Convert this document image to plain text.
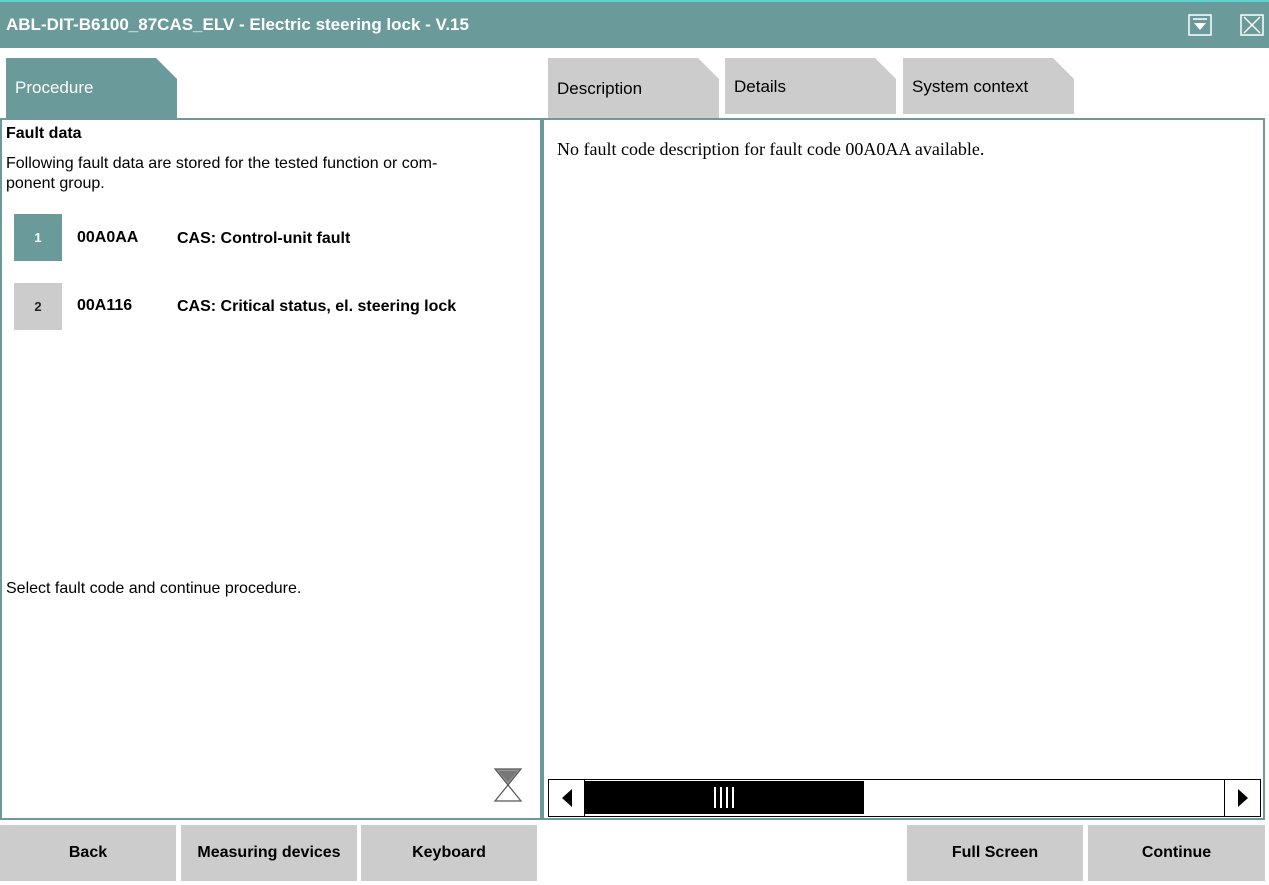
ABL-DIT-B6100_87CAS_ELV - Electric steering lock - V.15
Procedure	Description	Details	System context
Fault data
Following fault data are stored for the tested function or com-ponent group.
1	00A0AA CAS: Control-unit fault
2	00A116	CAS: Critical status, el. steering lock
Select fault code and continue procedure.
No fault code description for fault code 00A0AA available.
Back	Measuring devices	Keyboard	Full Screen	Continue
